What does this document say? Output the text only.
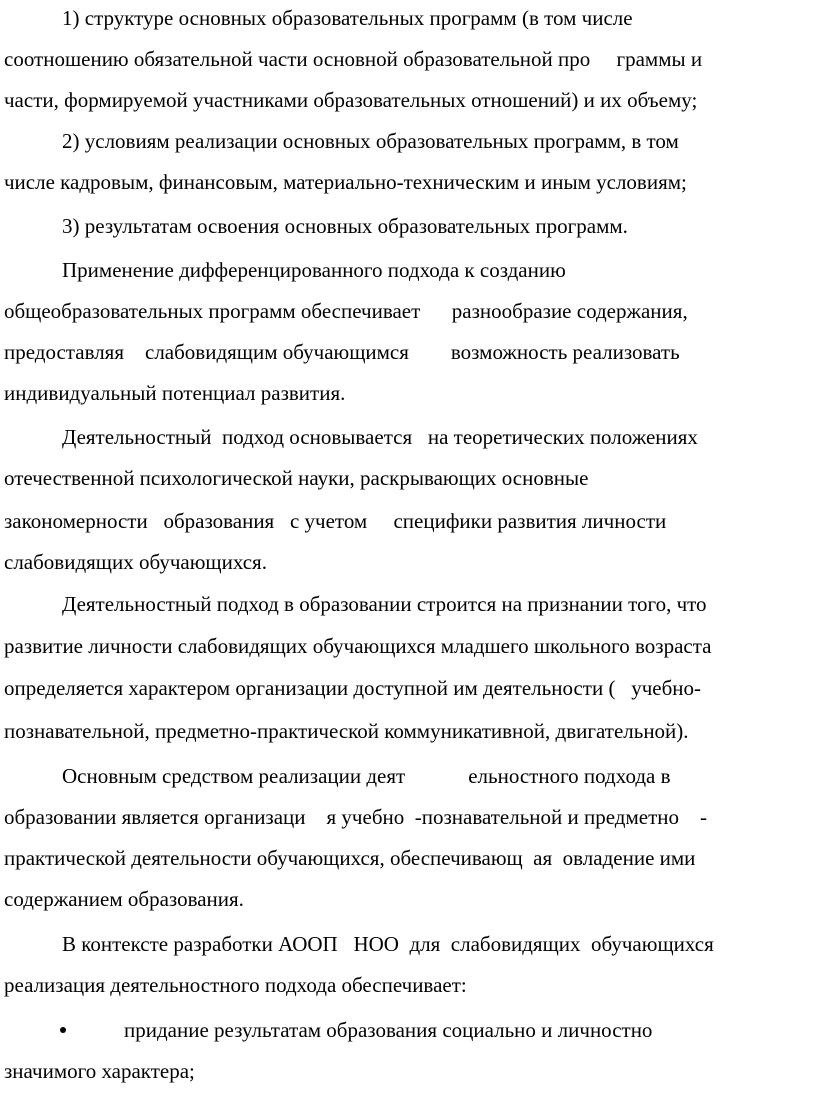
1) структуре основных образовательных программ (в том числе
соотношению обязательной части основной образовательной про     граммы и
части, формируемой участниками образовательных отношений) и их объему;
2) условиям реализации основных образовательных программ, в том
числе кадровым, финансовым, материально-техническим и иным условиям;
3) результатам освоения основных образовательных программ.
Применение дифференцированного подхода к созданию
общеобразовательных программ обеспечивает      разнообразие содержания,
предоставляя    слабовидящим обучающимся        возможность реализовать
индивидуальный потенциал развития.
Деятельностный  подход основывается   на теоретических положениях
отечественной психологической науки, раскрывающих основные
закономерности   образования   с учетом     специфики развития личности
слабовидящих обучающихся.
Деятельностный подход в образовании строится на признании того, что
развитие личности слабовидящих обучающихся младшего школьного возраста
определяется характером организации доступной им деятельности (   учебно-
познавательной, предметно-практической коммуникативной, двигательной).
Основным средством реализации деят            ельностного подхода в
образовании является организаци    я учебно  -познавательной и предметно    -
практической деятельности обучающихся, обеспечивающ  ая  овладение ими
содержанием образования.
В контексте разработки АООП   НОО  для  слабовидящих  обучающихся
реализация деятельностного подхода обеспечивает:
придание результатам образования социально и личностно
значимого характера;
